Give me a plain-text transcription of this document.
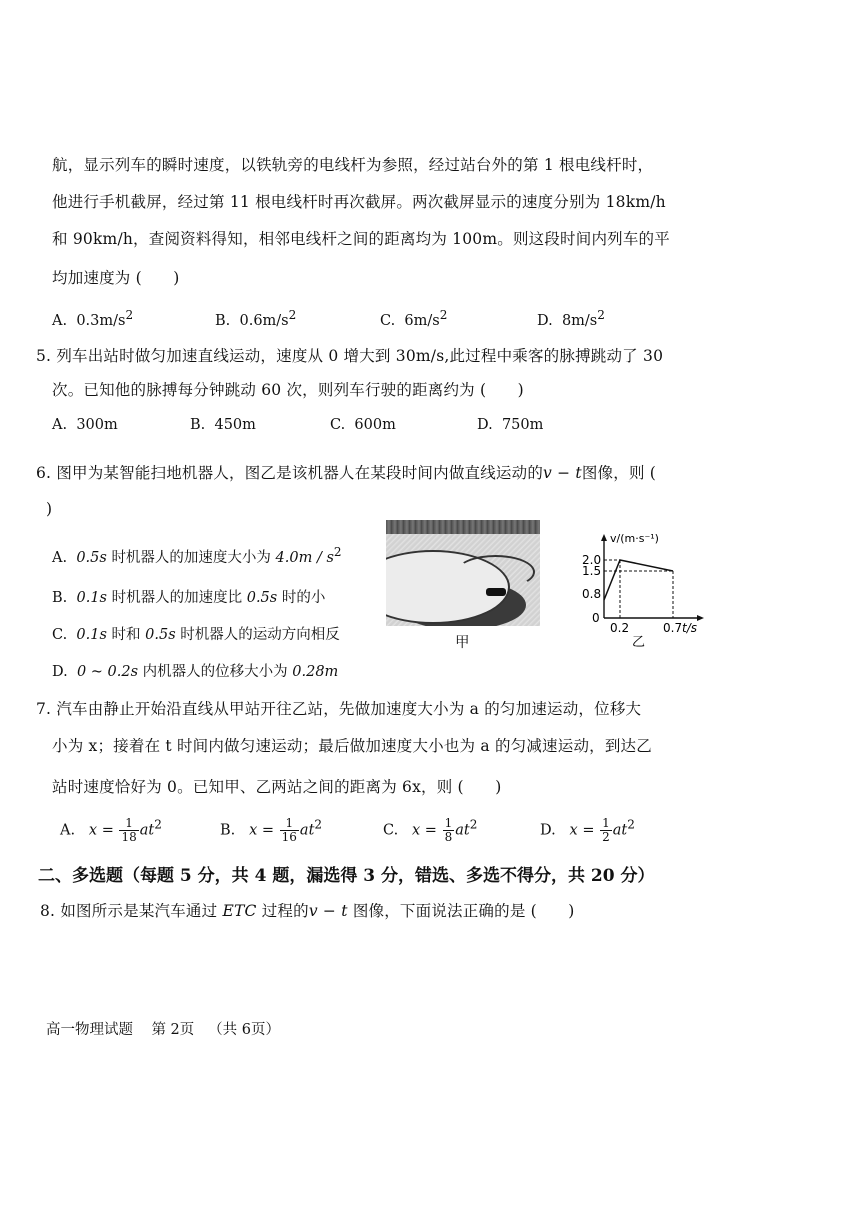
航，显示列车的瞬时速度，以铁轨旁的电线杆为参照，经过站台外的第 1 根电线杆时，
他进行手机截屏，经过第 11 根电线杆时再次截屏。两次截屏显示的速度分别为 18km/h
和 90km/h，查阅资料得知，相邻电线杆之间的距离均为 100m。则这段时间内列车的平
均加速度为 (　　)
A. $0.3m/s^2$	B. $0.6m/s^2$	C. $6m/s^2$	D. $8m/s^2$
5. 列车出站时做匀加速直线运动，速度从 0 增大到 30m/s,此过程中乘客的脉搏跳动了 30
次。已知他的脉搏每分钟跳动 60 次，则列车行驶的距离约为 (　　)
A. 300m	B. 450m	C. 600m	D. 750m
6. 图甲为某智能扫地机器人，图乙是该机器人在某段时间内做直线运动的v − t图像，则 (
)
A. 0.5s 时机器人的加速度大小为 $4.0m / s^2$
B. 0.1s 时机器人的加速度比 0.5s 时的小
C. 0.1s 时和 0.5s 时机器人的运动方向相反
D. 0 ~ 0.2s 内机器人的位移大小为 0.28m
甲
v/(m·s⁻¹)
2.0
1.5
0.8
0
0.2	0.7 t/s
乙
7. 汽车由静止开始沿直线从甲站开往乙站，先做加速度大小为 a 的匀加速运动，位移大
小为 x；接着在 t 时间内做匀速运动；最后做加速度大小也为 a 的匀减速运动，到达乙
站时速度恰好为 0。已知甲、乙两站之间的距离为 6x，则 (　　)
A. $x = \frac{1}{18} at^2$	B. $x = \frac{1}{16} at^2$	C. $x = \frac{1}{8} at^2$	D. $x = \frac{1}{2} at^2$
二、多选题（每题 5 分，共 4 题，漏选得 3 分，错选、多选不得分，共 20 分）
8. 如图所示是某汽车通过 ETC 过程的v − t 图像，下面说法正确的是 (　　)
高一物理试题 第 2页 （共 6页）
